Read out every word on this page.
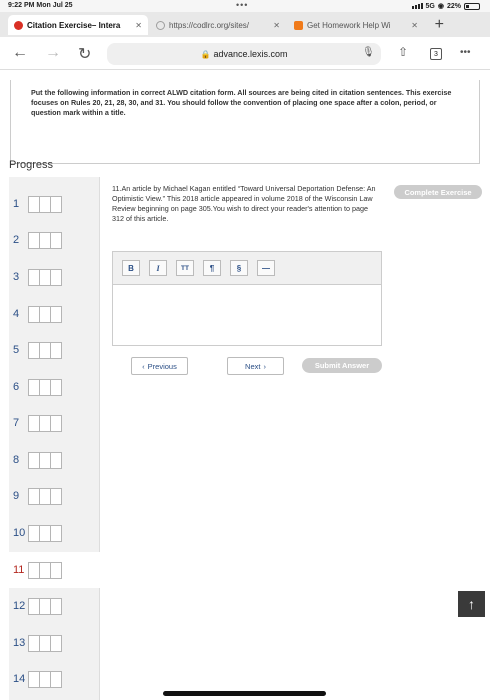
9:22 PM Mon Jul 25	•••	5G ◉ 22%
Citation Exercise– Intera ✕	https://codlrc.org/sites/	✕	Get Homework Help Wi	✕ +
← → ↻	🔒 advance.lexis.com	🎙 ⇧	3	•••
Put the following information in correct ALWD citation form. All sources are being cited in citation sentences. This exercise focuses on Rules 20, 21, 28, 30, and 31. You should follow the convention of placing one space after a colon, period, or question mark within a title.
Progress
1
2
3
4
5
6
7
8
9
10
11
12
13
14
11.An article by Michael Kagan entitled “Toward Universal Deportation Defense: An Optimistic View.” This 2018 article appeared in volume 2018 of the Wisconsin Law Review beginning on page 305.You wish to direct your reader's attention to page 312 of this article.
Complete Exercise
B	I	TT	¶	§	—
‹ Previous	Next ›	Submit Answer
↑
